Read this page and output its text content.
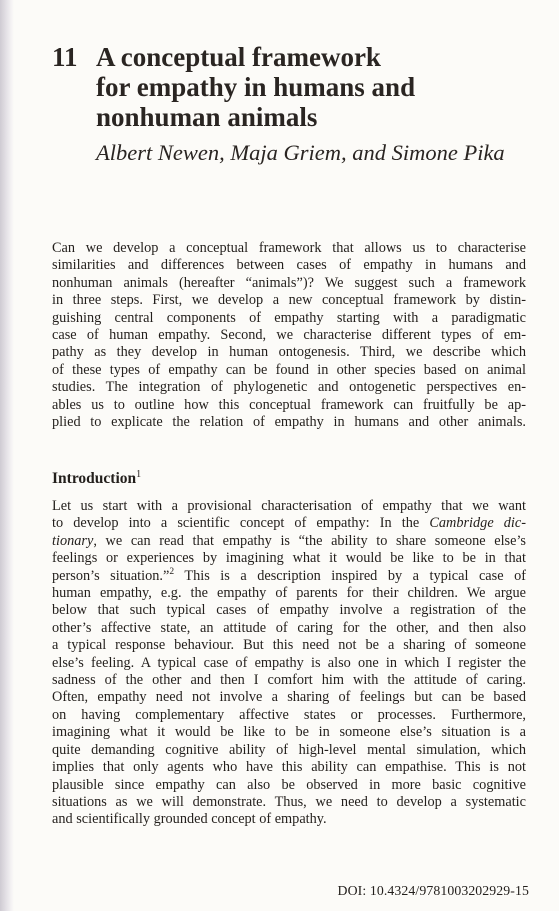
11 A conceptual framework
for empathy in humans and
nonhuman animals
Albert Newen, Maja Griem, and Simone Pika
Can we develop a conceptual framework that allows us to characterise
similarities and differences between cases of empathy in humans and
nonhuman animals (hereafter “animals”)? We suggest such a framework
in three steps. First, we develop a new conceptual framework by distin-
guishing central components of empathy starting with a paradigmatic
case of human empathy. Second, we characterise different types of em-
pathy as they develop in human ontogenesis. Third, we describe which
of these types of empathy can be found in other species based on animal
studies. The integration of phylogenetic and ontogenetic perspectives en-
ables us to outline how this conceptual framework can fruitfully be ap-
plied to explicate the relation of empathy in humans and other animals.
Introduction$^1$
Let us start with a provisional characterisation of empathy that we want
to develop into a scientific concept of empathy: In the Cambridge dic-
tionary, we can read that empathy is “the ability to share someone else’s
feelings or experiences by imagining what it would be like to be in that
person’s situation.”$^2$ This is a description inspired by a typical case of
human empathy, e.g. the empathy of parents for their children. We argue
below that such typical cases of empathy involve a registration of the
other’s affective state, an attitude of caring for the other, and then also
a typical response behaviour. But this need not be a sharing of someone
else’s feeling. A typical case of empathy is also one in which I register the
sadness of the other and then I comfort him with the attitude of caring.
Often, empathy need not involve a sharing of feelings but can be based
on having complementary affective states or processes. Furthermore,
imagining what it would be like to be in someone else’s situation is a
quite demanding cognitive ability of high-level mental simulation, which
implies that only agents who have this ability can empathise. This is not
plausible since empathy can also be observed in more basic cognitive
situations as we will demonstrate. Thus, we need to develop a systematic
and scientifically grounded concept of empathy.
DOI: 10.4324/9781003202929-15
